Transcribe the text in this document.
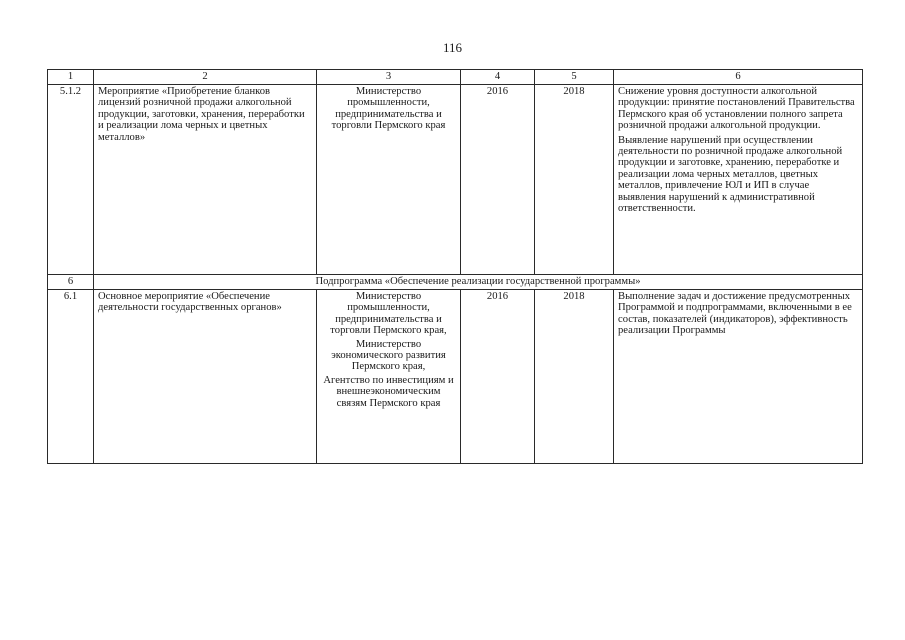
116
1	2	3	4	5	6
5.1.2	Мероприятие «Приобретение бланков лицензий розничной продажи алкогольной продукции, заготовки, хранения, переработки и реализации лома черных и цветных металлов»	Министерство промышленности, предпринимательства и торговли Пермского края	2016	2018	Снижение уровня доступности алкогольной продукции: принятие постановлений Правительства Пермского края об установлении полного запрета розничной продажи алкогольной продукции.

Выявление нарушений при осуществлении деятельности по розничной продаже алкогольной продукции и заготовке, хранению, переработке и реализации лома черных металлов, цветных металлов, привлечение ЮЛ и ИП в случае выявления нарушений к административной ответственности.

6	Подпрограмма «Обеспечение реализации государственной программы»				
6.1	Основное мероприятие «Обеспечение деятельности государственных органов»	Министерство промышленности, предпринимательства и торговли Пермского края,
Министерство экономического развития Пермского края,
Агентство по инвестициям и внешнеэкономическим связям Пермского края	2016	2018	Выполнение задач и достижение предусмотренных Программой и подпрограммами, включенными в ее состав, показателей (индикаторов), эффективность реализации Программы
